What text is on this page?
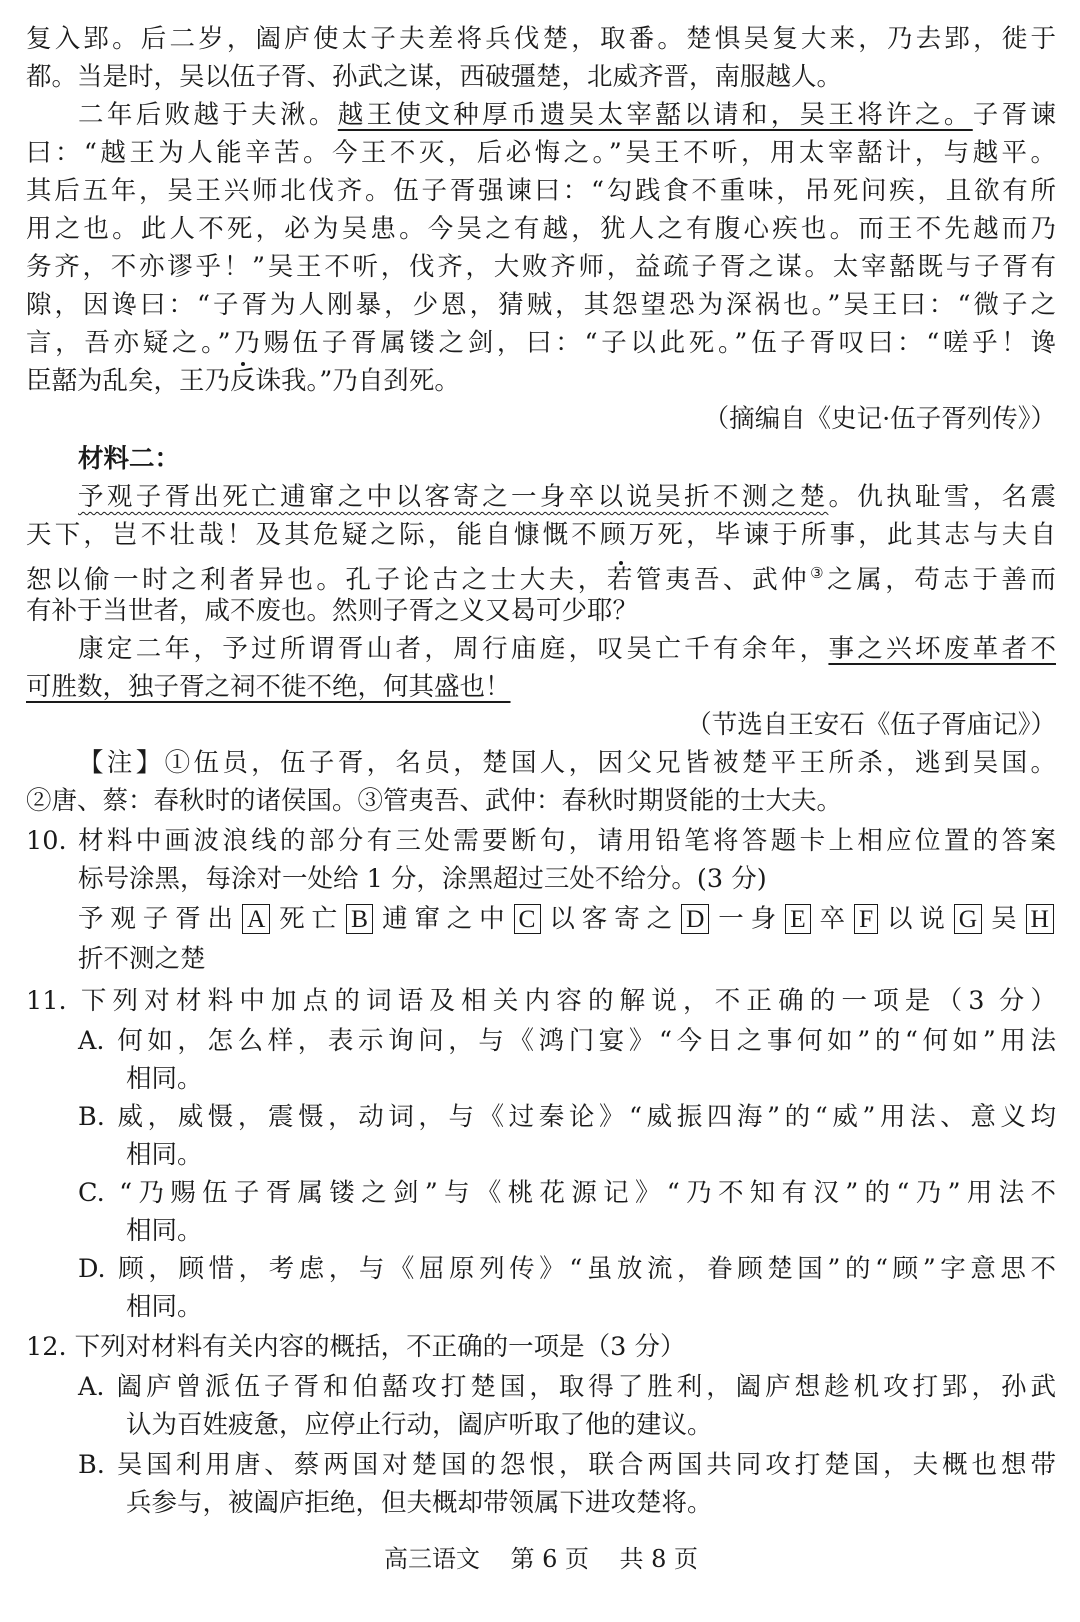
复入郢。后二岁，阖庐使太子夫差将兵伐楚，取番。楚惧吴复大来，乃去郢，徙于
都。当是时，吴以伍子胥、孙武之谋，西破彊楚，北威齐晋，南服越人。
二年后败越于夫湫。越王使文种厚币遗吴太宰嚭以请和，吴王将许之。子胥谏
曰：“越王为人能辛苦。今王不灭，后必悔之。”吴王不听，用太宰嚭计，与越平。
其后五年，吴王兴师北伐齐。伍子胥强谏曰：“勾践食不重味，吊死问疾，且欲有所
用之也。此人不死，必为吴患。今吴之有越，犹人之有腹心疾也。而王不先越而乃
务齐，不亦谬乎！”吴王不听，伐齐，大败齐师，益疏子胥之谋。太宰嚭既与子胥有
隙，因谗曰：“子胥为人刚暴，少恩，猜贼，其怨望恐为深祸也。”吴王曰：“微子之
言，吾亦疑之。”乃赐伍子胥属镂之剑，曰：“子以此死。”伍子胥叹曰：“嗟乎！谗
臣嚭为乱矣，王乃反诛我。”乃自刭死。
（摘编自《史记·伍子胥列传》）
材料二：
予观子胥出死亡逋窜之中以客寄之一身卒以说吴折不测之楚。仇执耻雪，名震
天下，岂不壮哉！及其危疑之际，能自慷慨不顾万死，毕谏于所事，此其志与夫自
恕以偷一时之利者异也。孔子论古之士大夫，若管夷吾、武仲③之属，苟志于善而
有补于当世者，咸不废也。然则子胥之义又曷可少耶？
康定二年，予过所谓胥山者，周行庙庭，叹吴亡千有余年，事之兴坏废革者不
可胜数，独子胥之祠不徙不绝，何其盛也！
（节选自王安石《伍子胥庙记》）
【注】①伍员，伍子胥，名员，楚国人，因父兄皆被楚平王所杀，逃到吴国。
②唐、蔡：春秋时的诸侯国。③管夷吾、武仲：春秋时期贤能的士大夫。
10. 材料中画波浪线的部分有三处需要断句，请用铅笔将答题卡上相应位置的答案
标号涂黑，每涂对一处给 1 分，涂黑超过三处不给分。(3 分)
予观子胥出 A 死亡 B 逋窜之中 C 以客寄之 D 一身 E 卒 F 以说 G 吴 H
折不测之楚
11. 下列对材料中加点的词语及相关内容的解说，不正确的一项是（3 分）
A. 何如，怎么样，表示询问，与《鸿门宴》“今日之事何如”的“何如”用法
相同。
B. 威，威慑，震慑，动词，与《过秦论》“威振四海”的“威”用法、意义均
相同。
C. “乃赐伍子胥属镂之剑”与《桃花源记》“乃不知有汉”的“乃”用法不
相同。
D. 顾，顾惜，考虑，与《屈原列传》“虽放流，眷顾楚国”的“顾”字意思不
相同。
12. 下列对材料有关内容的概括，不正确的一项是（3 分）
A. 阖庐曾派伍子胥和伯嚭攻打楚国，取得了胜利，阖庐想趁机攻打郢，孙武
认为百姓疲惫，应停止行动，阖庐听取了他的建议。
B. 吴国利用唐、蔡两国对楚国的怨恨，联合两国共同攻打楚国，夫概也想带
兵参与，被阖庐拒绝，但夫概却带领属下进攻楚将。
高三语文    第 6 页    共 8 页
